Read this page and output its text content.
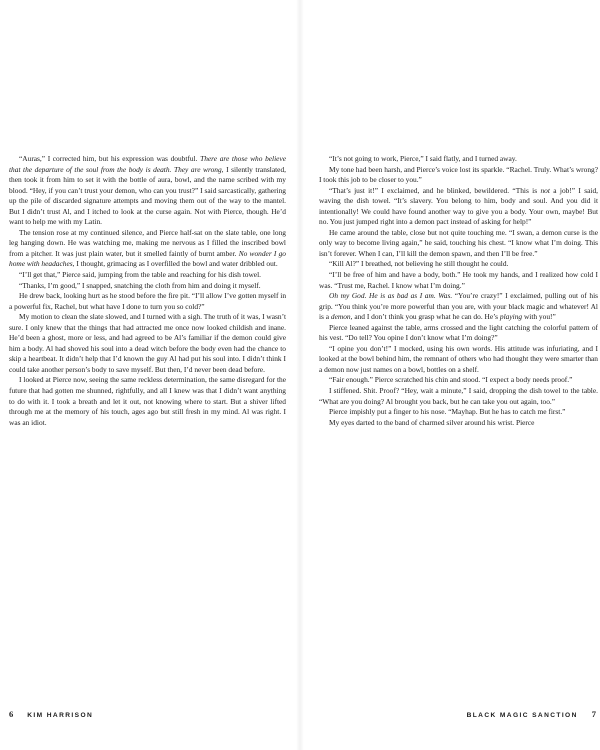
“Auras,” I corrected him, but his expression was doubtful. There are those who believe that the departure of the soul from the body is death. They are wrong, I silently translated, then took it from him to set it with the bottle of aura, bowl, and the name scribed with my blood. “Hey, if you can’t trust your demon, who can you trust?” I said sarcastically, gathering up the pile of discarded signature attempts and moving them out of the way to the mantel. But I didn’t trust Al, and I itched to look at the curse again. Not with Pierce, though. He’d want to help me with my Latin.

The tension rose at my continued silence, and Pierce half-sat on the slate table, one long leg hanging down. He was watching me, making me nervous as I filled the inscribed bowl from a pitcher. It was just plain water, but it smelled faintly of burnt amber. No wonder I go home with headaches, I thought, grimacing as I overfilled the bowl and water dribbled out.

“I’ll get that,” Pierce said, jumping from the table and reaching for his dish towel.

“Thanks, I’m good,” I snapped, snatching the cloth from him and doing it myself.

He drew back, looking hurt as he stood before the fire pit. “I’ll allow I’ve gotten myself in a powerful fix, Rachel, but what have I done to turn you so cold?”

My motion to clean the slate slowed, and I turned with a sigh. The truth of it was, I wasn’t sure. I only knew that the things that had attracted me once now looked childish and inane. He’d been a ghost, more or less, and had agreed to be Al’s familiar if the demon could give him a body. Al had shoved his soul into a dead witch before the body even had the chance to skip a heartbeat. It didn’t help that I’d known the guy Al had put his soul into. I didn’t think I could take another person’s body to save myself. But then, I’d never been dead before.

I looked at Pierce now, seeing the same reckless determination, the same disregard for the future that had gotten me shunned, rightfully, and all I knew was that I didn’t want anything to do with it. I took a breath and let it out, not knowing where to start. But a shiver lifted through me at the memory of his touch, ages ago but still fresh in my mind. Al was right. I was an idiot.

6 KIM HARRISON

“It’s not going to work, Pierce,” I said flatly, and I turned away.

My tone had been harsh, and Pierce’s voice lost its sparkle. “Rachel. Truly. What’s wrong? I took this job to be closer to you.”

“That’s just it!” I exclaimed, and he blinked, bewildered. “This is not a job!” I said, waving the dish towel. “It’s slavery. You belong to him, body and soul. And you did it intentionally! We could have found another way to give you a body. Your own, maybe! But no. You just jumped right into a demon pact instead of asking for help!”

He came around the table, close but not quite touching me. “I swan, a demon curse is the only way to become living again,” he said, touching his chest. “I know what I’m doing. This isn’t forever. When I can, I’ll kill the demon spawn, and then I’ll be free.”

“Kill Al?” I breathed, not believing he still thought he could.

“I’ll be free of him and have a body, both.” He took my hands, and I realized how cold I was. “Trust me, Rachel. I know what I’m doing.”

Oh my God. He is as bad as I am. Was. “You’re crazy!” I exclaimed, pulling out of his grip. “You think you’re more powerful than you are, with your black magic and whatever! Al is a demon, and I don’t think you grasp what he can do. He’s playing with you!”

Pierce leaned against the table, arms crossed and the light catching the colorful pattern of his vest. “Do tell? You opine I don’t know what I’m doing?”

“I opine you don’t!” I mocked, using his own words. His attitude was infuriating, and I looked at the bowl behind him, the remnant of others who had thought they were smarter than a demon now just names on a bowl, bottles on a shelf.

“Fair enough.” Pierce scratched his chin and stood. “I expect a body needs proof.”

I stiffened. Shit. Proof? “Hey, wait a minute,” I said, dropping the dish towel to the table. “What are you doing? Al brought you back, but he can take you out again, too.”

Pierce impishly put a finger to his nose. “Mayhap. But he has to catch me first.”

My eyes darted to the band of charmed silver around his wrist. Pierce

BLACK MAGIC SANCTION 7
